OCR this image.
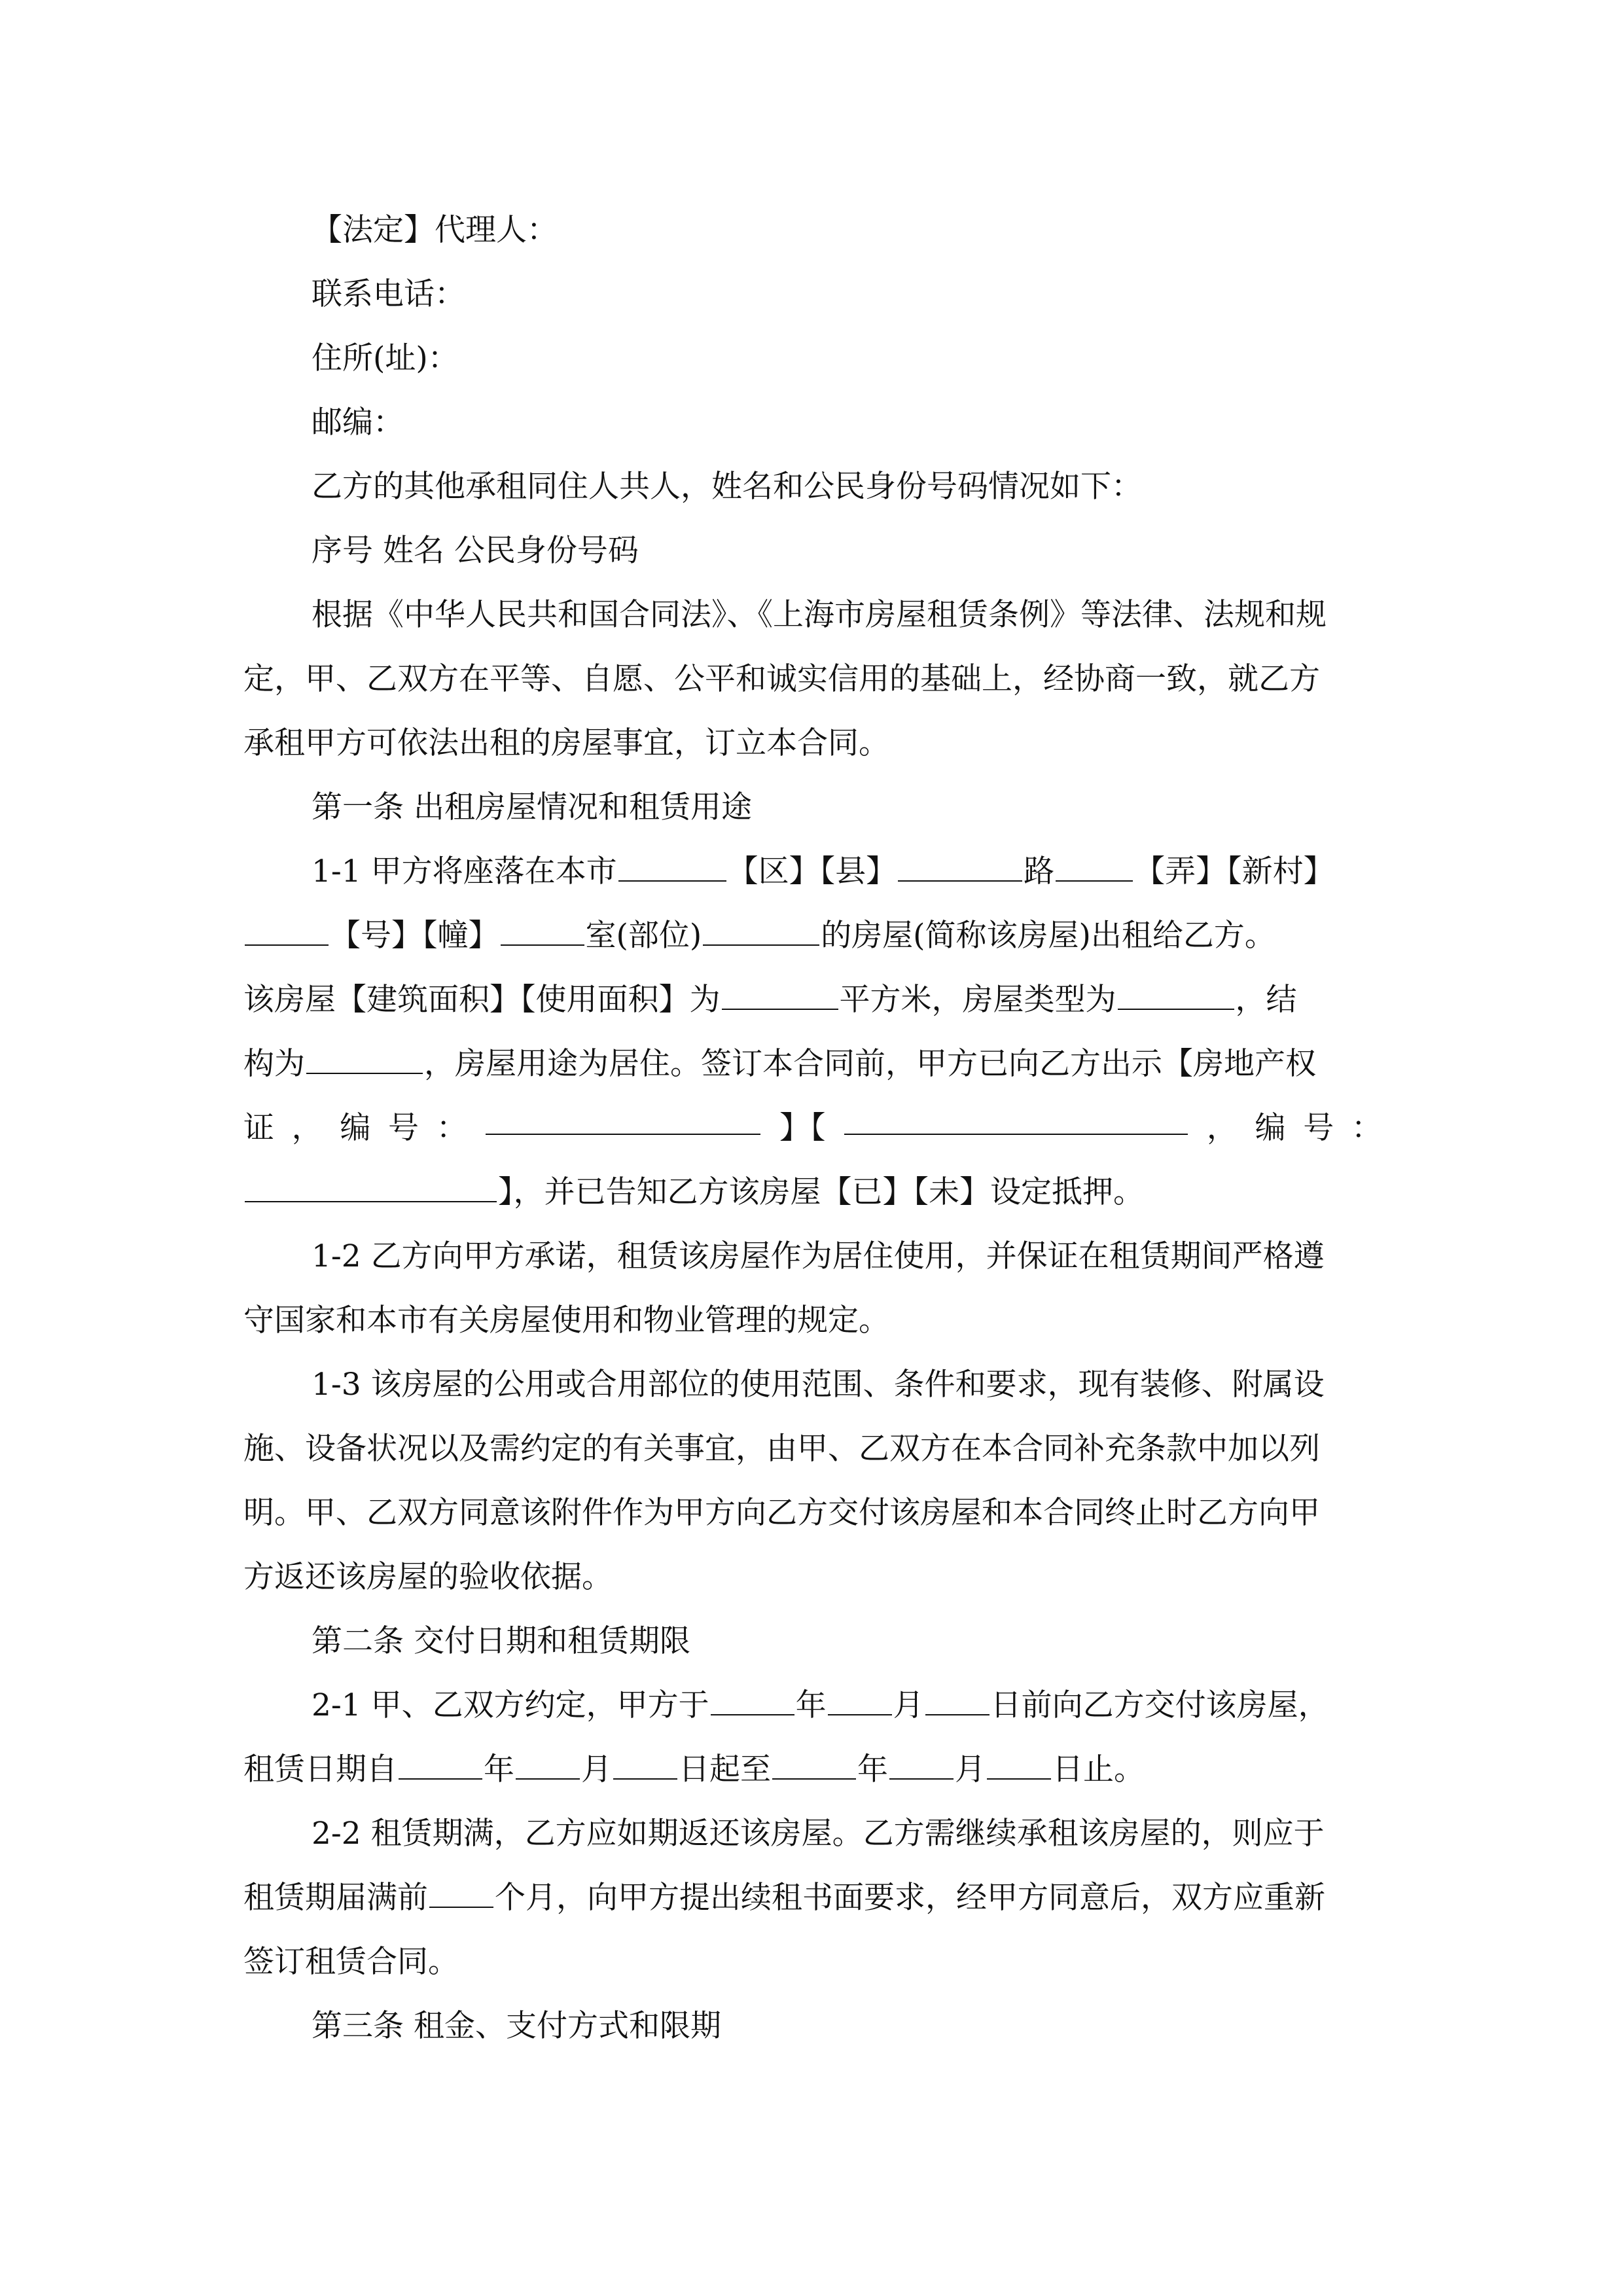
【法定】代理人：
联系电话：
住所(址)：
邮编：
乙方的其他承租同住人共人，姓名和公民身份号码情况如下：
序号 姓名 公民身份号码
根据《中华人民共和国合同法》、《上海市房屋租赁条例》等法律、法规和规
定，甲、乙双方在平等、自愿、公平和诚实信用的基础上，经协商一致，就乙方
承租甲方可依法出租的房屋事宜，订立本合同。
第一条 出租房屋情况和租赁用途
1-1 甲方将座落在本市	【区】【县】	路	【弄】【新村】
【号】【幢】	室(部位)	的房屋(简称该房屋)出租给乙方。
该房屋【建筑面积】【使用面积】为	平方米，房屋类型为	，结
构为	，房屋用途为居住。签订本合同前，甲方已向乙方出示【房地产权
证 ， 编 号 ：	】【	， 编 号 ：
】，并已告知乙方该房屋【已】【未】设定抵押。
1-2 乙方向甲方承诺，租赁该房屋作为居住使用，并保证在租赁期间严格遵
守国家和本市有关房屋使用和物业管理的规定。
1-3 该房屋的公用或合用部位的使用范围、条件和要求，现有装修、附属设
施、设备状况以及需约定的有关事宜，由甲、乙双方在本合同补充条款中加以列
明。甲、乙双方同意该附件作为甲方向乙方交付该房屋和本合同终止时乙方向甲
方返还该房屋的验收依据。
第二条 交付日期和租赁期限
2-1 甲、乙双方约定，甲方于	年 月 日前向乙方交付该房屋，
租赁日期自	年 月 日起至	年 月 日止。
2-2 租赁期满，乙方应如期返还该房屋。乙方需继续承租该房屋的，则应于
租赁期届满前 个月，向甲方提出续租书面要求，经甲方同意后，双方应重新
签订租赁合同。
第三条 租金、支付方式和限期
